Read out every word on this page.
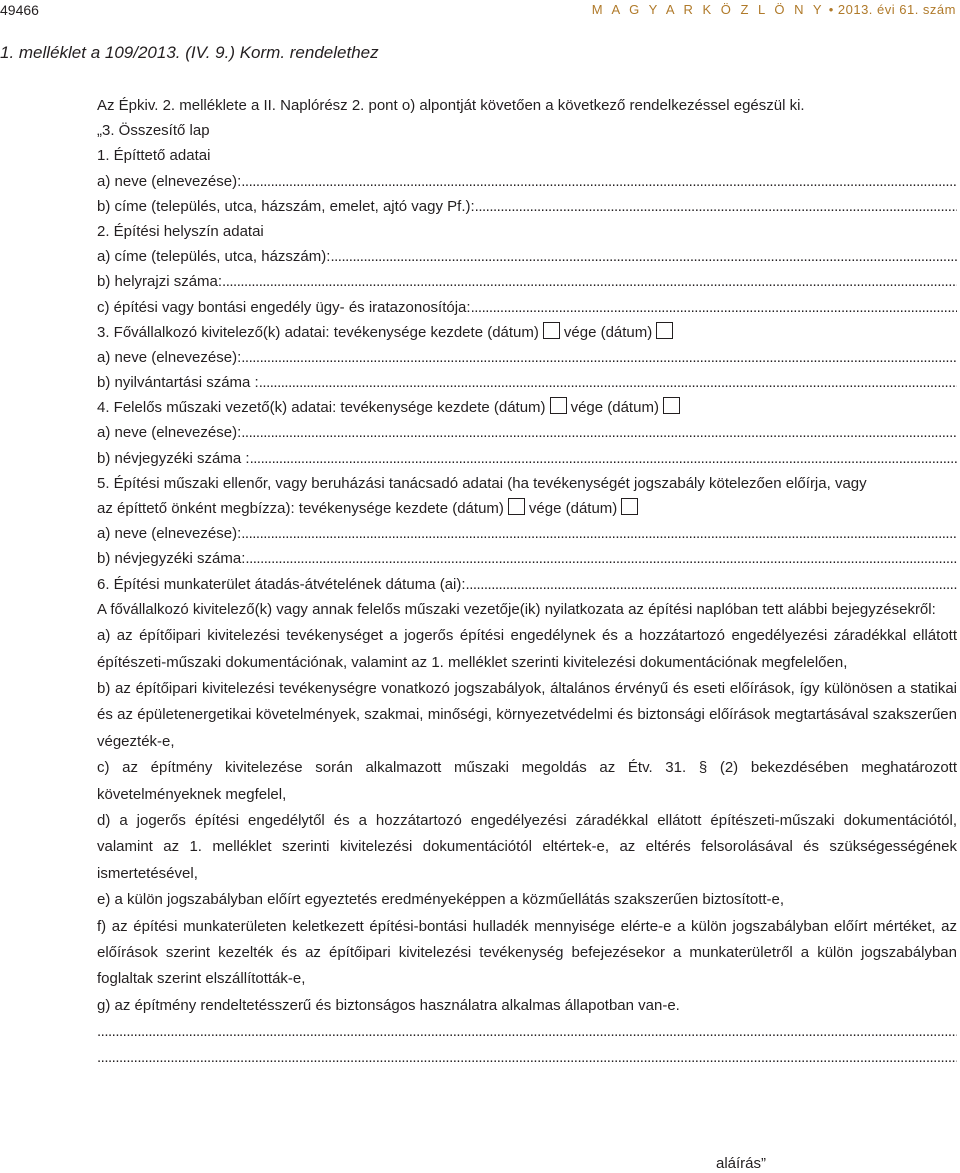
49466	M A G Y A R K Ö Z L Ö N Y • 2013. évi 61. szám
1. melléklet a 109/2013. (IV. 9.) Korm. rendelethez
Az Épkiv. 2. melléklete a II. Naplórész 2. pont o) alpontját követően a következő rendelkezéssel egészül ki.
„3. Összesítő lap
1. Építtető adatai
a) neve (elnevezése):
.....
b) címe (település, utca, házszám, emelet, ajtó vagy Pf.):
.....
2. Építési helyszín adatai
a) címe (település, utca, házszám):
.....
b) helyrajzi száma:
.....
c) építési vagy bontási engedély ügy- és iratazonosítója:
.....
3. Fővállalkozó kivitelező(k) adatai: tevékenysége kezdete (dátum) vége (dátum)
a) neve (elnevezése):
.....
b) nyilvántartási száma :
.....
4. Felelős műszaki vezető(k) adatai: tevékenysége kezdete (dátum) vége (dátum)
a) neve (elnevezése):
.....
b) névjegyzéki száma :
.....
5. Építési műszaki ellenőr, vagy beruházási tanácsadó adatai (ha tevékenységét jogszabály kötelezően előírja, vagy
az építtető önként megbízza): tevékenysége kezdete (dátum) vége (dátum)
a) neve (elnevezése):
.....
b) névjegyzéki száma:
.....
6. Építési munkaterület átadás-átvételének dátuma (ai):
.....
A fővállalkozó kivitelező(k) vagy annak felelős műszaki vezetője(ik) nyilatkozata az építési naplóban tett alábbi bejegyzésekről:
a) az építőipari kivitelezési tevékenységet a jogerős építési engedélynek és a hozzátartozó engedélyezési záradékkal ellátott építészeti-műszaki dokumentációnak, valamint az 1. melléklet szerinti kivitelezési dokumentációnak megfelelően,
b) az építőipari kivitelezési tevékenységre vonatkozó jogszabályok, általános érvényű és eseti előírások, így különösen a statikai és az épületenergetikai követelmények, szakmai, minőségi, környezetvédelmi és biztonsági előírások megtartásával szakszerűen végezték-e,
c) az építmény kivitelezése során alkalmazott műszaki megoldás az Étv. 31. § (2) bekezdésében meghatározott követelményeknek megfelel,
d) a jogerős építési engedélytől és a hozzátartozó engedélyezési záradékkal ellátott építészeti-műszaki dokumentációtól, valamint az 1. melléklet szerinti kivitelezési dokumentációtól eltértek-e, az eltérés felsorolásával és szükségességének ismertetésével,
e) a külön jogszabályban előírt egyeztetés eredményeképpen a közműellátás szakszerűen biztosított-e,
f) az építési munkaterületen keletkezett építési-bontási hulladék mennyisége elérte-e a külön jogszabályban előírt mértéket, az előírások szerint kezelték és az építőipari kivitelezési tevékenység befejezésekor a munkaterületről a külön jogszabályban foglaltak szerint elszállították-e,
g) az építmény rendeltetésszerű és biztonságos használatra alkalmas állapotban van-e.
.....
.....
aláírás”
